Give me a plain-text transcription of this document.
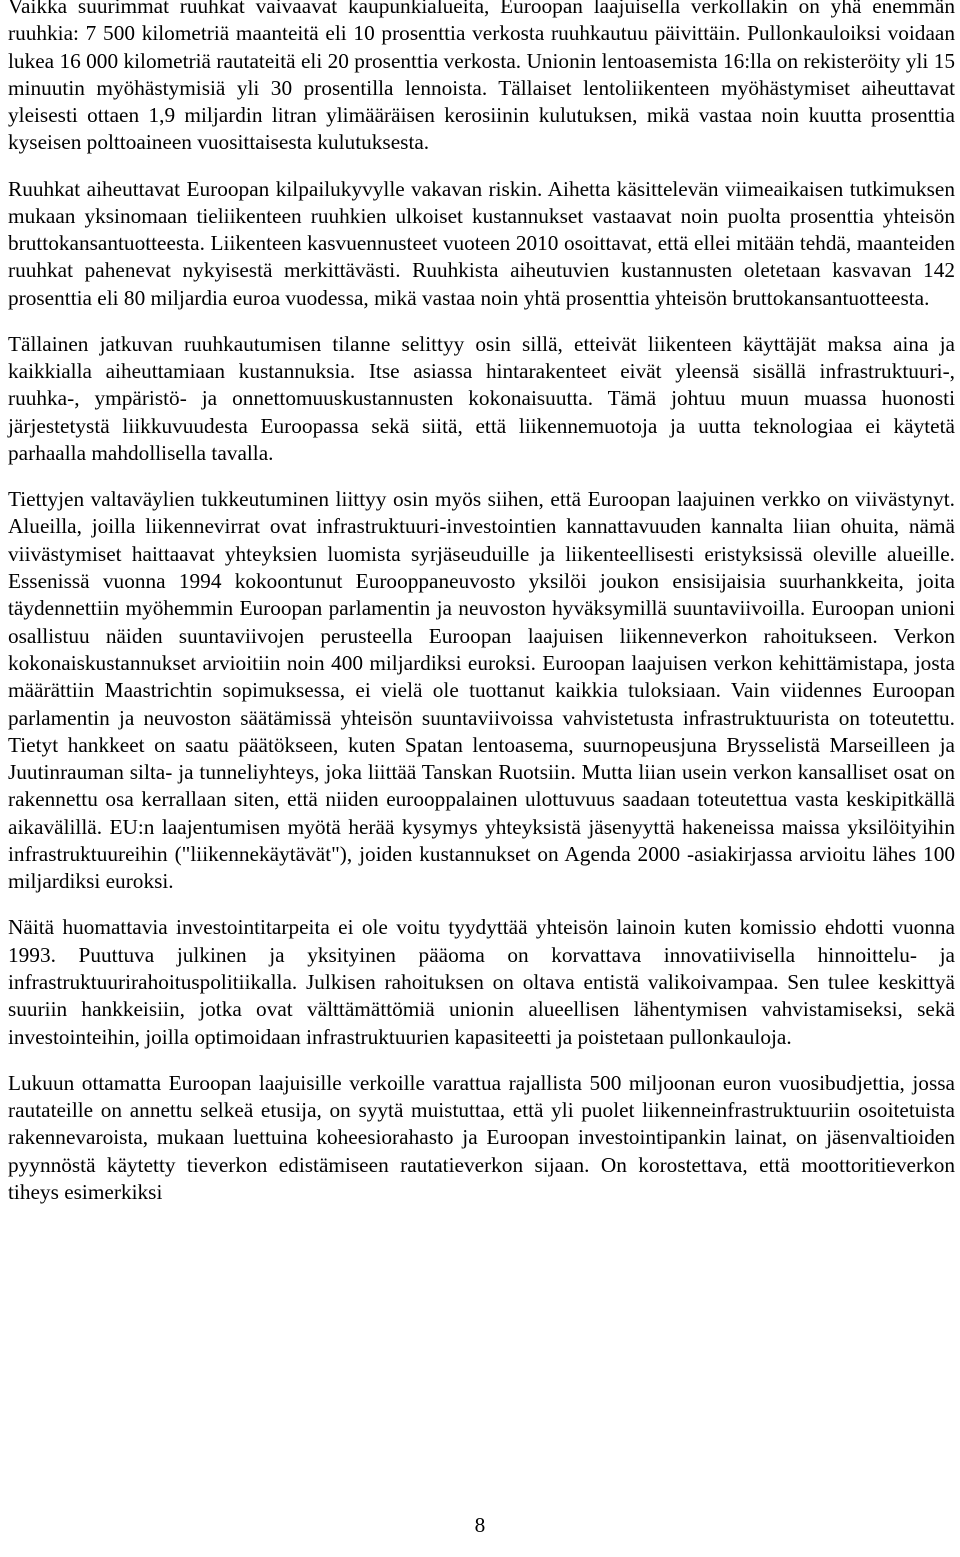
Vaikka suurimmat ruuhkat vaivaavat kaupunkialueita, Euroopan laajuisella verkollakin on yhä enemmän ruuhkia: 7 500 kilometriä maanteitä eli 10 prosenttia verkosta ruuhkautuu päivittäin. Pullonkauloiksi voidaan lukea 16 000 kilometriä rautateitä eli 20 prosenttia verkosta. Unionin lentoasemista 16:lla on rekisteröity yli 15 minuutin myöhästymisiä yli 30 prosentilla lennoista. Tällaiset lentoliikenteen myöhästymiset aiheuttavat yleisesti ottaen 1,9 miljardin litran ylimääräisen kerosiinin kulutuksen, mikä vastaa noin kuutta prosenttia kyseisen polttoaineen vuosittaisesta kulutuksesta.

Ruuhkat aiheuttavat Euroopan kilpailukyvylle vakavan riskin. Aihetta käsittelevän viimeaikaisen tutkimuksen mukaan yksinomaan tieliikenteen ruuhkien ulkoiset kustannukset vastaavat noin puolta prosenttia yhteisön bruttokansantuotteesta. Liikenteen kasvuennusteet vuoteen 2010 osoittavat, että ellei mitään tehdä, maanteiden ruuhkat pahenevat nykyisestä merkittävästi. Ruuhkista aiheutuvien kustannusten oletetaan kasvavan 142 prosenttia eli 80 miljardia euroa vuodessa, mikä vastaa noin yhtä prosenttia yhteisön bruttokansantuotteesta.

Tällainen jatkuvan ruuhkautumisen tilanne selittyy osin sillä, etteivät liikenteen käyttäjät maksa aina ja kaikkialla aiheuttamiaan kustannuksia. Itse asiassa hintarakenteet eivät yleensä sisällä infrastruktuuri-, ruuhka-, ympäristö- ja onnettomuuskustannusten kokonaisuutta. Tämä johtuu muun muassa huonosti järjestetystä liikkuvuudesta Euroopassa sekä siitä, että liikennemuotoja ja uutta teknologiaa ei käytetä parhaalla mahdollisella tavalla.

Tiettyjen valtaväylien tukkeutuminen liittyy osin myös siihen, että Euroopan laajuinen verkko on viivästynyt. Alueilla, joilla liikennevirrat ovat infrastruktuuri-investointien kannattavuuden kannalta liian ohuita, nämä viivästymiset haittaavat yhteyksien luomista syrjäseuduille ja liikenteellisesti eristyksissä oleville alueille. Essenissä vuonna 1994 kokoontunut Eurooppaneuvosto yksilöi joukon ensisijaisia suurhankkeita, joita täydennettiin myöhemmin Euroopan parlamentin ja neuvoston hyväksymillä suuntaviivoilla. Euroopan unioni osallistuu näiden suuntaviivojen perusteella Euroopan laajuisen liikenneverkon rahoitukseen. Verkon kokonaiskustannukset arvioitiin noin 400 miljardiksi euroksi. Euroopan laajuisen verkon kehittämistapa, josta määrättiin Maastrichtin sopimuksessa, ei vielä ole tuottanut kaikkia tuloksiaan. Vain viidennes Euroopan parlamentin ja neuvoston säätämissä yhteisön suuntaviivoissa vahvistetusta infrastruktuurista on toteutettu. Tietyt hankkeet on saatu päätökseen, kuten Spatan lentoasema, suurnopeusjuna Brysselistä Marseilleen ja Juutinrauman silta- ja tunneliyhteys, joka liittää Tanskan Ruotsiin. Mutta liian usein verkon kansalliset osat on rakennettu osa kerrallaan siten, että niiden eurooppalainen ulottuvuus saadaan toteutettua vasta keskipitkällä aikavälillä. EU:n laajentumisen myötä herää kysymys yhteyksistä jäsenyyttä hakeneissa maissa yksilöityihin infrastruktuureihin ("liikennekäytävät"), joiden kustannukset on Agenda 2000 -asiakirjassa arvioitu lähes 100 miljardiksi euroksi.

Näitä huomattavia investointitarpeita ei ole voitu tyydyttää yhteisön lainoin kuten komissio ehdotti vuonna 1993. Puuttuva julkinen ja yksityinen pääoma on korvattava innovatiivisella hinnoittelu- ja infrastruktuurirahoituspolitiikalla. Julkisen rahoituksen on oltava entistä valikoivampaa. Sen tulee keskittyä suuriin hankkeisiin, jotka ovat välttämättömiä unionin alueellisen lähentymisen vahvistamiseksi, sekä investointeihin, joilla optimoidaan infrastruktuurien kapasiteetti ja poistetaan pullonkauloja.

Lukuun ottamatta Euroopan laajuisille verkoille varattua rajallista 500 miljoonan euron vuosibudjettia, jossa rautateille on annettu selkeä etusija, on syytä muistuttaa, että yli puolet liikenneinfrastruktuuriin osoitetuista rakennevaroista, mukaan luettuina koheesiorahasto ja Euroopan investointipankin lainat, on jäsenvaltioiden pyynnöstä käytetty tieverkon edistämiseen rautatieverkon sijaan. On korostettava, että moottoritieverkon tiheys esimerkiksi

8
